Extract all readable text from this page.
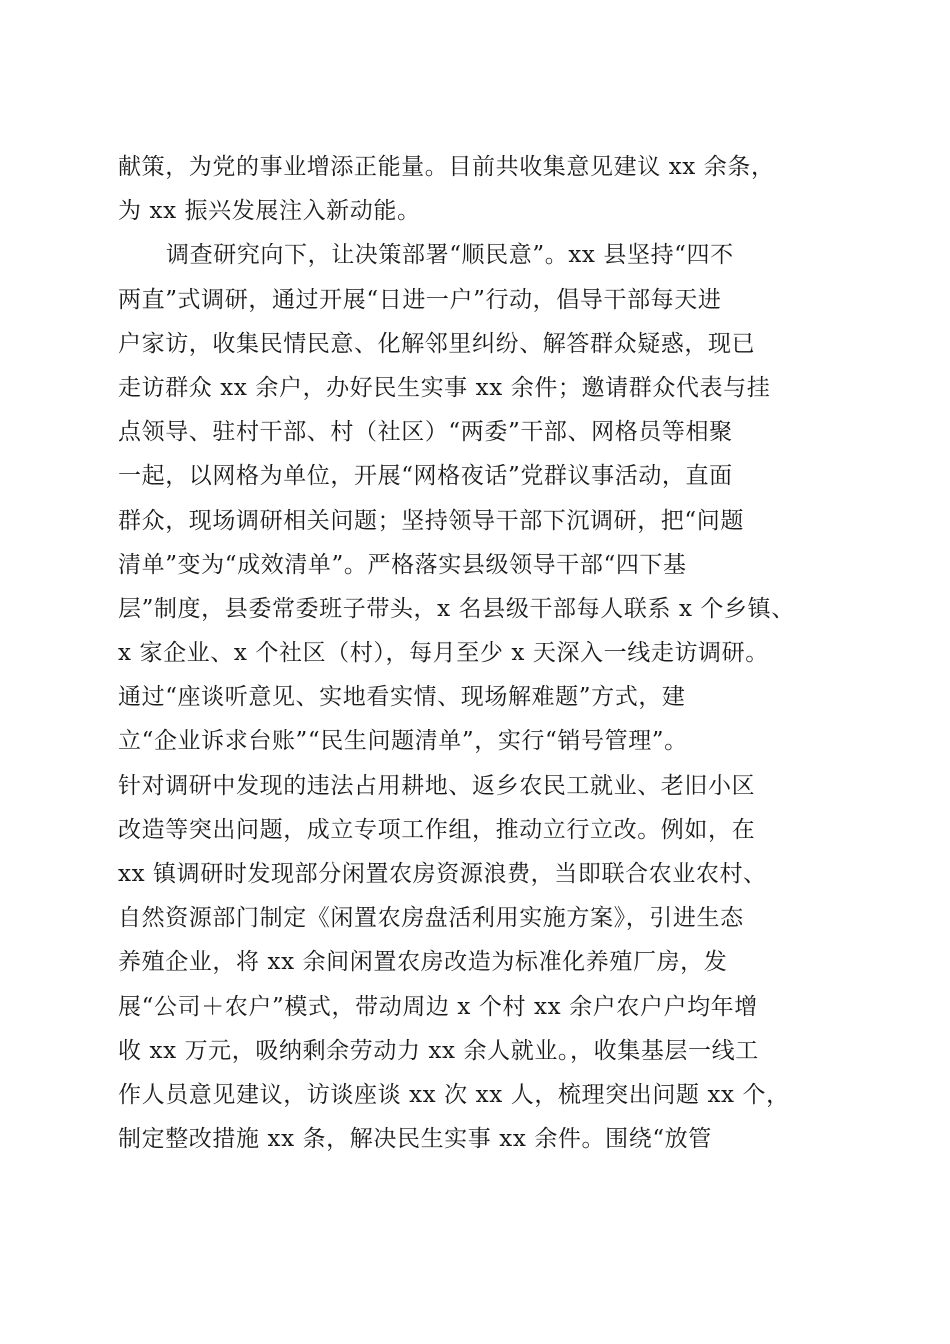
献策，为党的事业增添正能量。目前共收集意见建议 xx 余条，
为 xx 振兴发展注入新动能。
调查研究向下，让决策部署“顺民意”。xx 县坚持“四不
两直”式调研，通过开展“日进一户”行动，倡导干部每天进
户家访，收集民情民意、化解邻里纠纷、解答群众疑惑，现已
走访群众 xx 余户，办好民生实事 xx 余件；邀请群众代表与挂
点领导、驻村干部、村（社区）“两委”干部、网格员等相聚
一起，以网格为单位，开展“网格夜话”党群议事活动，直面
群众，现场调研相关问题；坚持领导干部下沉调研，把“问题
清单”变为“成效清单”。严格落实县级领导干部“四下基
层”制度，县委常委班子带头，x 名县级干部每人联系 x 个乡镇、
x 家企业、x 个社区（村），每月至少 x 天深入一线走访调研。
通过“座谈听意见、实地看实情、现场解难题”方式，建
立“企业诉求台账”“民生问题清单”，实行“销号管理”。
针对调研中发现的违法占用耕地、返乡农民工就业、老旧小区
改造等突出问题，成立专项工作组，推动立行立改。例如，在
xx 镇调研时发现部分闲置农房资源浪费，当即联合农业农村、
自然资源部门制定《闲置农房盘活利用实施方案》，引进生态
养殖企业，将 xx 余间闲置农房改造为标准化养殖厂房，发
展“公司＋农户”模式，带动周边 x 个村 xx 余户农户户均年增
收 xx 万元，吸纳剩余劳动力 xx 余人就业。，收集基层一线工
作人员意见建议，访谈座谈 xx 次 xx 人，梳理突出问题 xx 个，
制定整改措施 xx 条，解决民生实事 xx 余件。围绕“放管
